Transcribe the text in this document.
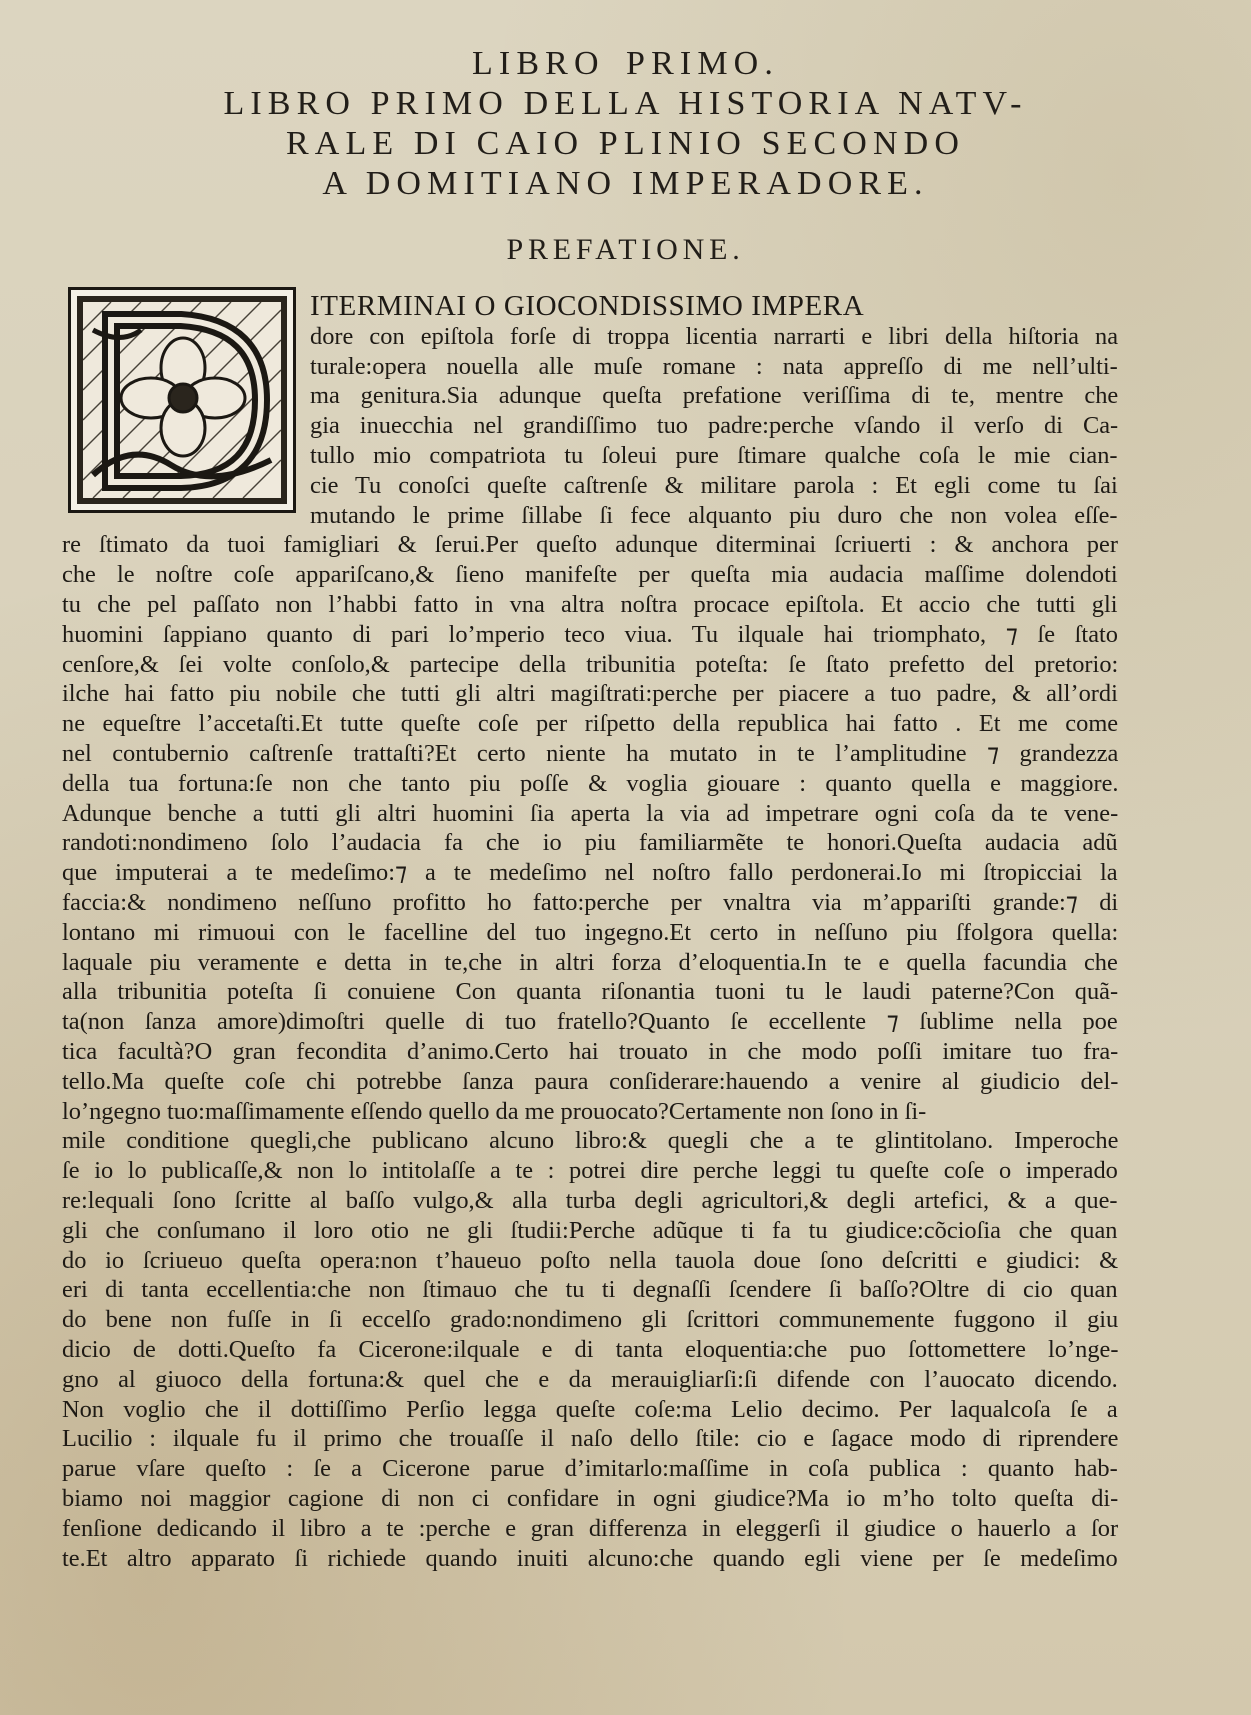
LIBRO PRIMO.
LIBRO PRIMO DELLA HISTORIA NATV-
RALE DI CAIO PLINIO SECONDO
A DOMITIANO IMPERADORE.
PREFATIONE.
ITERMINAI O GIOCONDISSIMO IMPERA
dore con epiſtola forſe di troppa licentia narrarti e libri della hiſtoria na
turale:opera nouella alle muſe romane : nata appreſſo di me nell’ulti-
ma genitura.Sia adunque queſta prefatione veriſſima di te, mentre che
gia inuecchia nel grandiſſimo tuo padre:perche vſando il verſo di Ca-
tullo mio compatriota tu ſoleui pure ſtimare qualche coſa le mie cian-
cie Tu conoſci queſte caſtrenſe & militare parola : Et egli come tu ſai
mutando le prime ſillabe ſi fece alquanto piu duro che non volea eſſe-
re ſtimato da tuoi famigliari & ſerui.Per queſto adunque diterminai ſcriuerti : & anchora per
che le noſtre coſe appariſcano,& ſieno manifeſte per queſta mia audacia maſſime dolendoti
tu che pel paſſato non l’habbi fatto in vna altra noſtra procace epiſtola. Et accio che tutti gli
huomini ſappiano quanto di pari lo’mperio teco viua. Tu ilquale hai triomphato, ⁊ ſe ſtato
cenſore,& ſei volte conſolo,& partecipe della tribunitia poteſta: ſe ſtato prefetto del pretorio:
ilche hai fatto piu nobile che tutti gli altri magiſtrati:perche per piacere a tuo padre, & all’ordi
ne equeſtre l’accetaſti.Et tutte queſte coſe per riſpetto della republica hai fatto . Et me come
nel contubernio caſtrenſe trattaſti?Et certo niente ha mutato in te l’amplitudine ⁊ grandezza
della tua fortuna:ſe non che tanto piu poſſe & voglia giouare : quanto quella e maggiore.
Adunque benche a tutti gli altri huomini ſia aperta la via ad impetrare ogni coſa da te vene-
randoti:nondimeno ſolo l’audacia fa che io piu familiarmẽte te honori.Queſta audacia adũ
que imputerai a te medeſimo:⁊ a te medeſimo nel noſtro fallo perdonerai.Io mi ſtropicciai la
faccia:& nondimeno neſſuno profitto ho fatto:perche per vnaltra via m’appariſti grande:⁊ di
lontano mi rimuoui con le facelline del tuo ingegno.Et certo in neſſuno piu ſfolgora quella:
laquale piu veramente e detta in te,che in altri forza d’eloquentia.In te e quella facundia che
alla tribunitia poteſta ſi conuiene Con quanta riſonantia tuoni tu le laudi paterne?Con quã-
ta(non ſanza amore)dimoſtri quelle di tuo fratello?Quanto ſe eccellente ⁊ ſublime nella poe
tica facultà?O gran fecondita d’animo.Certo hai trouato in che modo poſſi imitare tuo fra-
tello.Ma queſte coſe chi potrebbe ſanza paura conſiderare:hauendo a venire al giudicio del-
lo’ngegno tuo:maſſimamente eſſendo quello da me prouocato?Certamente non ſono in ſi-
mile conditione quegli,che publicano alcuno libro:& quegli che a te glintitolano. Imperoche
ſe io lo publicaſſe,& non lo intitolaſſe a te : potrei dire perche leggi tu queſte coſe o imperado
re:lequali ſono ſcritte al baſſo vulgo,& alla turba degli agricultori,& degli artefici, & a que-
gli che conſumano il loro otio ne gli ſtudii:Perche adũque ti fa tu giudice:cõcioſia che quan
do io ſcriueuo queſta opera:non t’haueuo poſto nella tauola doue ſono deſcritti e giudici: &
eri di tanta eccellentia:che non ſtimauo che tu ti degnaſſi ſcendere ſi baſſo?Oltre di cio quan
do bene non fuſſe in ſi eccelſo grado:nondimeno gli ſcrittori communemente fuggono il giu
dicio de dotti.Queſto fa Cicerone:ilquale e di tanta eloquentia:che puo ſottomettere lo’nge-
gno al giuoco della fortuna:& quel che e da merauigliarſi:ſi difende con l’auocato dicendo.
Non voglio che il dottiſſimo Perſio legga queſte coſe:ma Lelio decimo. Per laqualcoſa ſe a
Lucilio : ilquale fu il primo che trouaſſe il naſo dello ſtile: cio e ſagace modo di riprendere
parue vſare queſto : ſe a Cicerone parue d’imitarlo:maſſime in coſa publica : quanto hab-
biamo noi maggior cagione di non ci confidare in ogni giudice?Ma io m’ho tolto queſta di-
fenſione dedicando il libro a te :perche e gran differenza in eleggerſi il giudice o hauerlo a ſor
te.Et altro apparato ſi richiede quando inuiti alcuno:che quando egli viene per ſe medeſimo
